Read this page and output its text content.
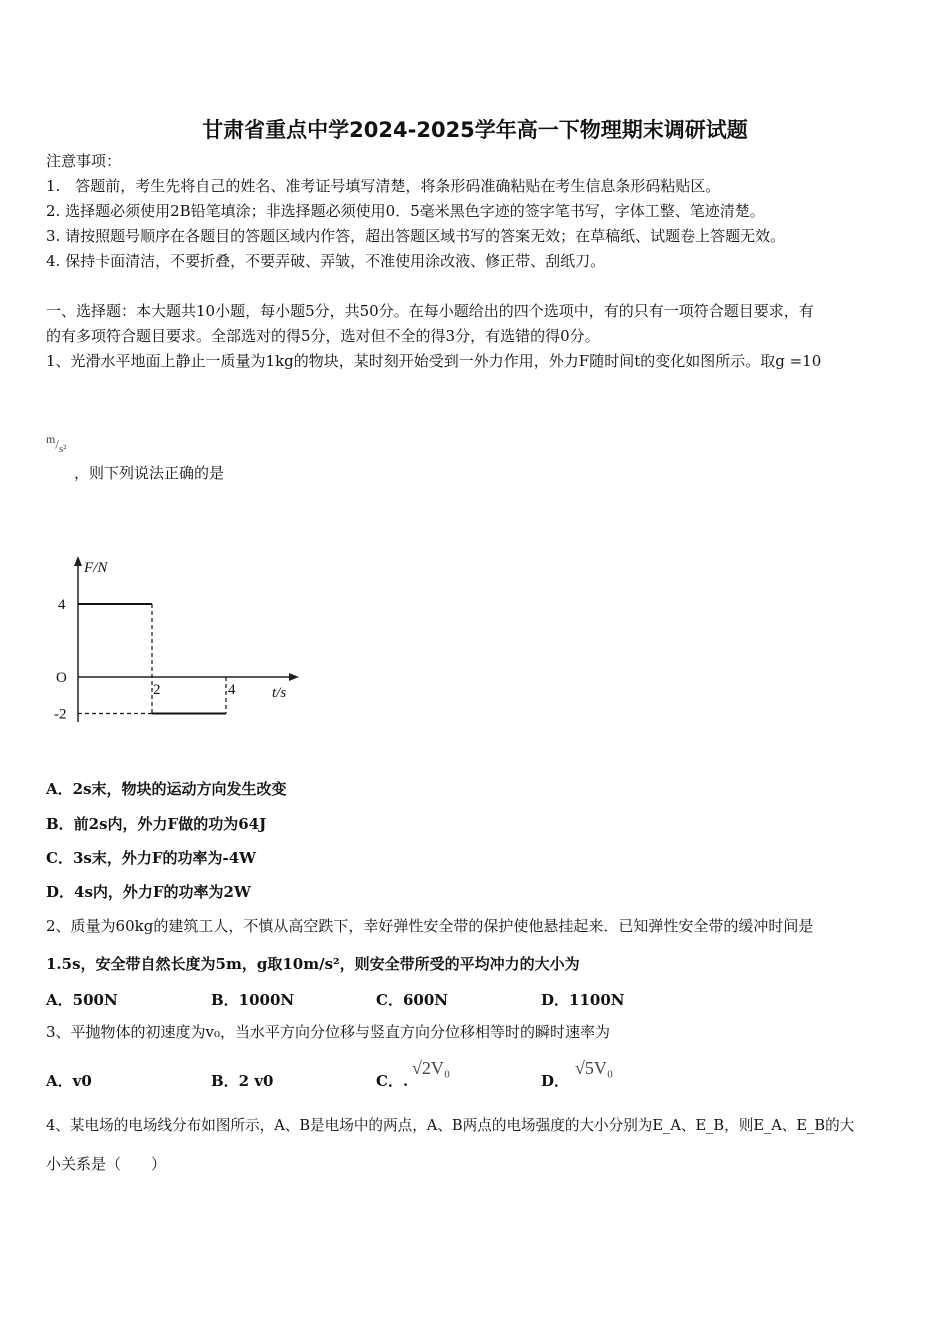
甘肃省重点中学2024-2025学年高一下物理期末调研试题
注意事项：
1.　答题前，考生先将自己的姓名、准考证号填写清楚，将条形码准确粘贴在考生信息条形码粘贴区。
2. 选择题必须使用2B铅笔填涂；非选择题必须使用0．5毫米黑色字迹的签字笔书写，字体工整、笔迹清楚。
3. 请按照题号顺序在各题目的答题区域内作答，超出答题区域书写的答案无效；在草稿纸、试题卷上答题无效。
4. 保持卡面清洁，不要折叠，不要弄破、弄皱，不准使用涂改液、修正带、刮纸刀。
一、选择题：本大题共10小题，每小题5分，共50分。在每小题给出的四个选项中，有的只有一项符合题目要求，有
的有多项符合题目要求。全部选对的得5分，选对但不全的得3分，有选错的得0分。
1、光滑水平地面上静止一质量为1kg的物块，某时刻开始受到一外力作用，外力F随时间t的变化如图所示。取g =10
$^m/_{s^2}$
，则下列说法正确的是
F/N
t/s
O
4
-2
2	4
A．2s末，物块的运动方向发生改变
B．前2s内，外力F做的功为64J
C．3s末，外力F的功率为-4W
D．4s内，外力F的功率为2W
2、质量为60kg的建筑工人，不慎从高空跌下，幸好弹性安全带的保护使他悬挂起来．已知弹性安全带的缓冲时间是
1.5s，安全带自然长度为5m，g取10m/s²，则安全带所受的平均冲力的大小为
A．500N	B．1000N	C．600N	D．1100N
3、平抛物体的初速度为v₀，当水平方向分位移与竖直方向分位移相等时的瞬时速率为
A．v0	B．2 v0	C．.
√2V₀
D．
√5V₀
4、某电场的电场线分布如图所示，A、B是电场中的两点，A、B两点的电场强度的大小分别为E_A、E_B，则E_A、E_B的大
小关系是（　　）
